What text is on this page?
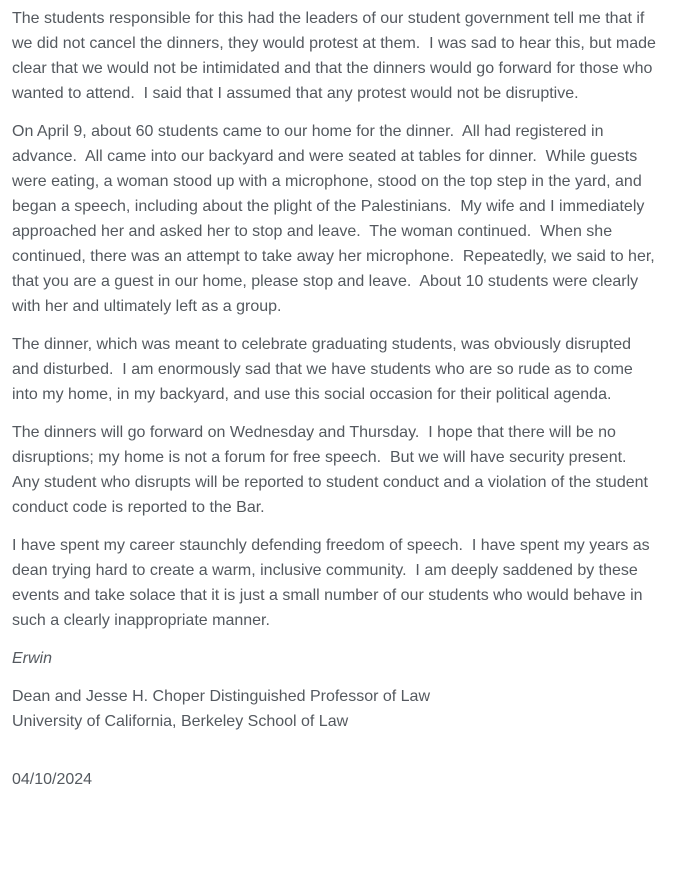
The students responsible for this had the leaders of our student government tell me that if we did not cancel the dinners, they would protest at them.  I was sad to hear this, but made clear that we would not be intimidated and that the dinners would go forward for those who wanted to attend.  I said that I assumed that any protest would not be disruptive.

On April 9, about 60 students came to our home for the dinner.  All had registered in advance.  All came into our backyard and were seated at tables for dinner.  While guests were eating, a woman stood up with a microphone, stood on the top step in the yard, and began a speech, including about the plight of the Palestinians.  My wife and I immediately approached her and asked her to stop and leave.  The woman continued.  When she continued, there was an attempt to take away her microphone.  Repeatedly, we said to her, that you are a guest in our home, please stop and leave.  About 10 students were clearly with her and ultimately left as a group.

The dinner, which was meant to celebrate graduating students, was obviously disrupted and disturbed.  I am enormously sad that we have students who are so rude as to come into my home, in my backyard, and use this social occasion for their political agenda.

The dinners will go forward on Wednesday and Thursday.  I hope that there will be no disruptions; my home is not a forum for free speech.  But we will have security present.  Any student who disrupts will be reported to student conduct and a violation of the student conduct code is reported to the Bar.

I have spent my career staunchly defending freedom of speech.  I have spent my years as dean trying hard to create a warm, inclusive community.  I am deeply saddened by these events and take solace that it is just a small number of our students who would behave in such a clearly inappropriate manner.

Erwin

Dean and Jesse H. Choper Distinguished Professor of Law
University of California, Berkeley School of Law

04/10/2024
